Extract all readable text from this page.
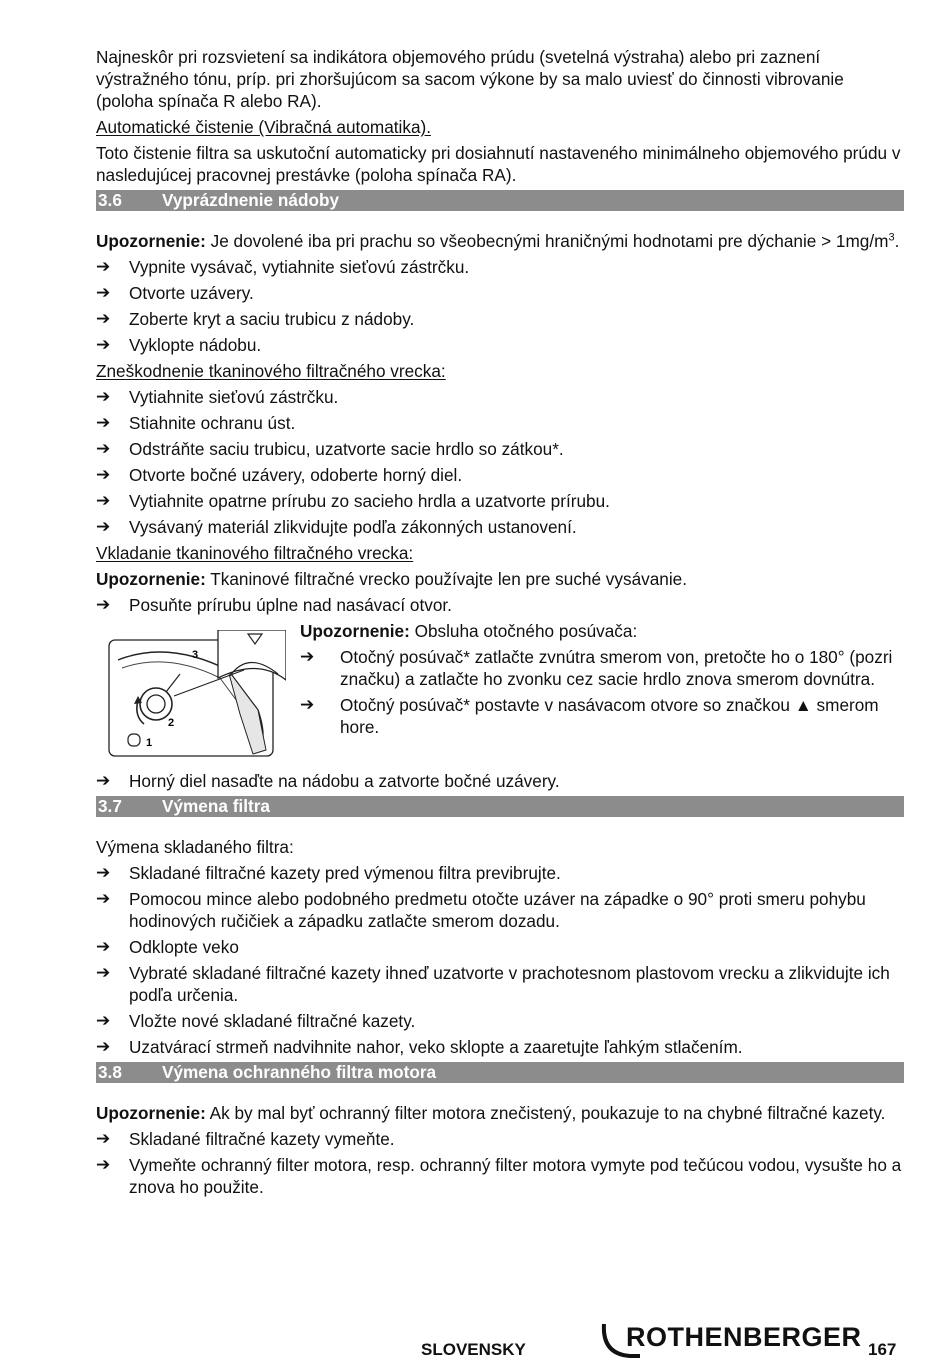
Najneskôr pri rozsvietení sa indikátora objemového prúdu (svetelná výstraha) alebo pri zaznení výstražného tónu, príp. pri zhoršujúcom sa sacom výkone by sa malo uviesť do činnosti vibrovanie (poloha spínača R alebo RA).

Automatické čistenie (Vibračná automatika).

Toto čistenie filtra sa uskutoční automaticky pri dosiahnutí nastaveného minimálneho objemového prúdu v nasledujúcej pracovnej prestávke (poloha spínača RA).

3.6 Vyprázdnenie nádoby

Upozornenie: Je dovolené iba pri prachu so všeobecnými hraničnými hodnotami pre dýchanie > $1mg/m^3$.

➔ Vypnite vysávač, vytiahnite sieťovú zástrčku.
➔ Otvorte uzávery.
➔ Zoberte kryt a saciu trubicu z nádoby.
➔ Vyklopte nádobu.

Zneškodnenie tkaninového filtračného vrecka:

➔ Vytiahnite sieťovú zástrčku.
➔ Stiahnite ochranu úst.
➔ Odstráňte saciu trubicu, uzatvorte sacie hrdlo so zátkou*.
➔ Otvorte bočné uzávery, odoberte horný diel.
➔ Vytiahnite opatrne prírubu zo sacieho hrdla a uzatvorte prírubu.
➔ Vysávaný materiál zlikvidujte podľa zákonných ustanovení.

Vkladanie tkaninového filtračného vrecka:

Upozornenie: Tkaninové filtračné vrecko používajte len pre suché vysávanie.

➔ Posuňte prírubu úplne nad nasávací otvor.
3
2
1

Upozornenie: Obsluha otočného posúvača:

➔ Otočný posúvač* zatlačte zvnútra smerom von, pretočte ho o 180° (pozri značku) a zatlačte ho zvonku cez sacie hrdlo znova smerom dovnútra.
➔ Otočný posúvač* postavte v nasávacom otvore so značkou ▲ smerom hore.
➔ Horný diel nasaďte na nádobu a zatvorte bočné uzávery.
3.7 Výmena filtra

Výmena skladaného filtra:

➔ Skladané filtračné kazety pred výmenou filtra previbrujte.
➔ Pomocou mince alebo podobného predmetu otočte uzáver na západke o 90° proti smeru pohybu hodinových ručičiek a západku zatlačte smerom dozadu.
➔ Odklopte veko
➔ Vybraté skladané filtračné kazety ihneď uzatvorte v prachotesnom plastovom vrecku a zlikvidujte ich podľa určenia.
➔ Vložte nové skladané filtračné kazety.
➔ Uzatvárací strmeň nadvihnite nahor, veko sklopte a zaaretujte ľahkým stlačením.
3.8 Výmena ochranného filtra motora

Upozornenie: Ak by mal byť ochranný filter motora znečistený, poukazuje to na chybné filtračné kazety.

➔ Skladané filtračné kazety vymeňte.
➔ Vymeňte ochranný filter motora, resp. ochranný filter motora vymyte pod tečúcou vodou, vysušte ho a znova ho použite.
SLOVENSKY	ROTHENBERGER 167
